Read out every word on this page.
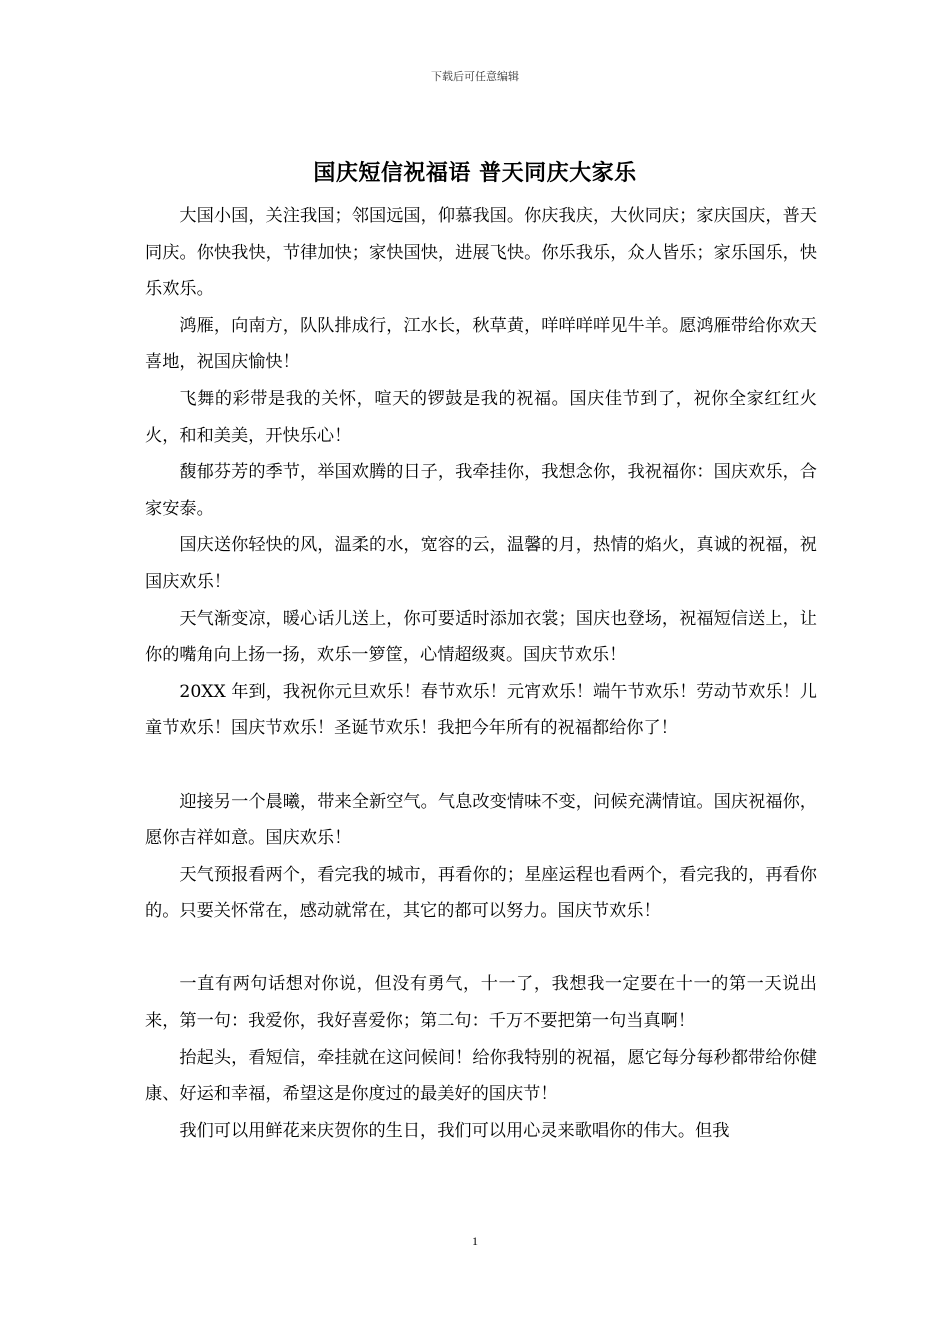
下载后可任意编辑
国庆短信祝福语 普天同庆大家乐

大国小国，关注我国；邻国远国，仰慕我国。你庆我庆，大伙同庆；家庆国庆，普天同庆。你快我快，节律加快；家快国快，进展飞快。你乐我乐，众人皆乐；家乐国乐，快乐欢乐。

鸿雁，向南方，队队排成行，江水长，秋草黄，咩咩咩咩见牛羊。愿鸿雁带给你欢天喜地，祝国庆愉快！

飞舞的彩带是我的关怀，喧天的锣鼓是我的祝福。国庆佳节到了，祝你全家红红火火，和和美美，开快乐心！

馥郁芬芳的季节，举国欢腾的日子，我牵挂你，我想念你，我祝福你：国庆欢乐，合家安泰。

国庆送你轻快的风，温柔的水，宽容的云，温馨的月，热情的焰火，真诚的祝福，祝国庆欢乐！

天气渐变凉，暖心话儿送上，你可要适时添加衣裳；国庆也登场，祝福短信送上，让你的嘴角向上扬一扬，欢乐一箩筐，心情超级爽。国庆节欢乐！

20XX 年到，我祝你元旦欢乐！春节欢乐！元宵欢乐！端午节欢乐！劳动节欢乐！儿童节欢乐！国庆节欢乐！圣诞节欢乐！我把今年所有的祝福都给你了！

迎接另一个晨曦，带来全新空气。气息改变情味不变，问候充满情谊。国庆祝福你，愿你吉祥如意。国庆欢乐！

天气预报看两个，看完我的城市，再看你的；星座运程也看两个，看完我的，再看你的。只要关怀常在，感动就常在，其它的都可以努力。国庆节欢乐！

一直有两句话想对你说，但没有勇气，十一了，我想我一定要在十一的第一天说出来，第一句：我爱你，我好喜爱你；第二句：千万不要把第一句当真啊！

抬起头，看短信，牵挂就在这问候间！给你我特别的祝福，愿它每分每秒都带给你健康、好运和幸福，希望这是你度过的最美好的国庆节！

我们可以用鲜花来庆贺你的生日，我们可以用心灵来歌唱你的伟大。但我

1
